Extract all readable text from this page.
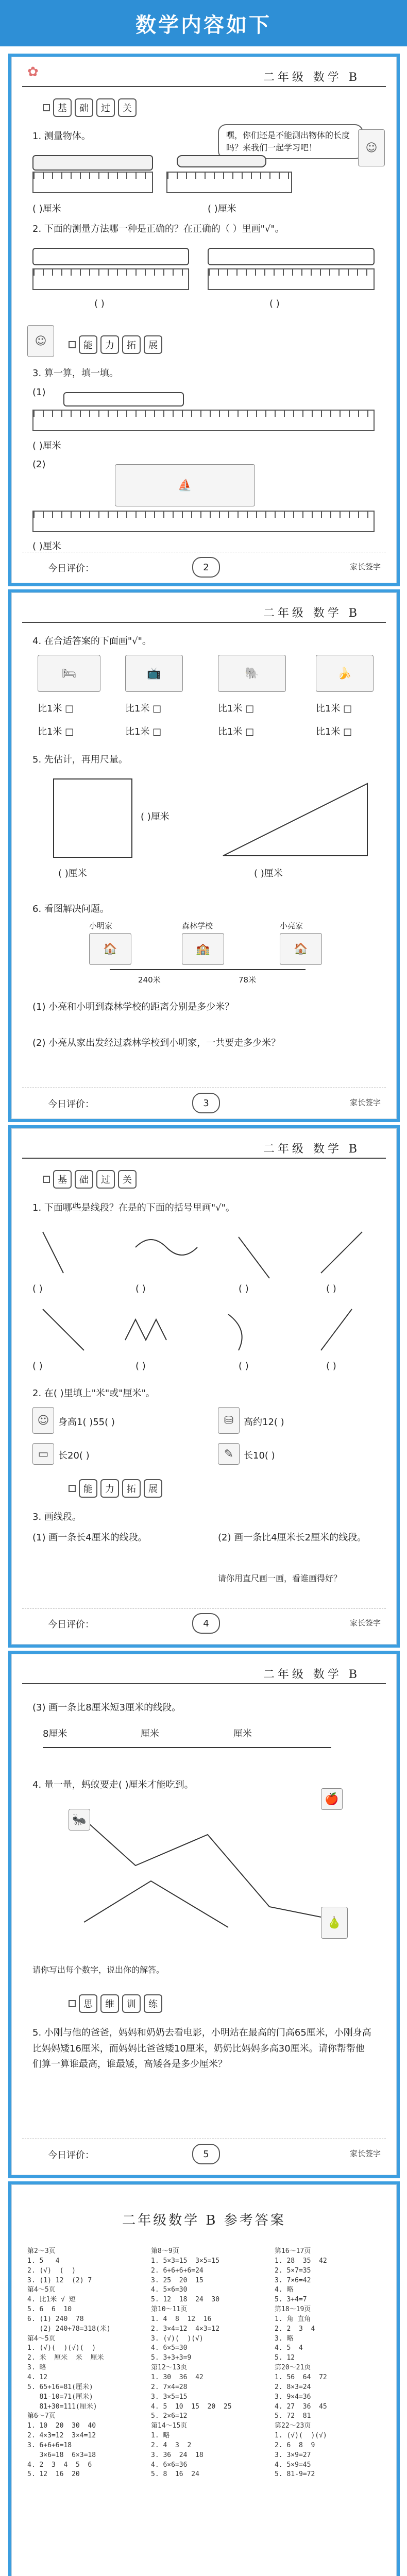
数学内容如下
二年级 数学 B
✿
基	础	过	关
1. 测量物体。	嘿，你们还是不能测出物体的长度吗？来我们一起学习吧！	☺
( )厘米	( )厘米
2. 下面的测量方法哪一种是正确的？在正确的（ ）里画"√"。
( )	( )
☺	能	力	拓	展
3. 算一算，填一填。
(1)
( )厘米
(2)
⛵
( )厘米
今日评价：	2	家长签字
二年级 数学 B
4. 在合适答案的下面画"√"。
🛏	📺	🐘	🍌
比1米 □	比1米 □	比1米 □	比1米 □
比1米 □	比1米 □	比1米 □	比1米 □
5. 先估计，再用尺量。
( )厘米
( )厘米	( )厘米
6. 看图解决问题。
🏠	🏫	🏠
小明家	森林学校	小亮家
240米	78米
(1) 小亮和小明到森林学校的距离分别是多少米？
(2) 小亮从家出发经过森林学校到小明家，一共要走多少米？
今日评价：	3	家长签字
二年级 数学 B
基	础	过	关
1. 下面哪些是线段？在是的下面的括号里画"√"。
( )	( )	( )	( )
( )	( )	( )	( )
2. 在( )里填上"米"或"厘米"。
☺ 身高1( )55( )	⛁	高约12( )
▭	长20( )	✎	长10( )
能	力	拓	展
3. 画线段。
(1) 画一条长4厘米的线段。	(2) 画一条比4厘米长2厘米的线段。
请你用直尺画一画，看谁画得好？
今日评价：	4	家长签字
二年级 数学 B
(3) 画一条比8厘米短3厘米的线段。
8厘米	厘米	厘米
4. 量一量，蚂蚁要走( )厘米才能吃到。
🐜
🍎
🍐
请你写出每个数字，说出你的解答。
思	维	训	练
5. 小刚与他的爸爸，妈妈和奶奶去看电影，小明站在最高的门高65厘米，小刚身高比妈妈矮16厘米，而妈妈比爸爸矮10厘米，奶奶比妈妈多高30厘米。请你帮帮他们算一算谁最高，谁最矮，高矮各是多少厘米？
今日评价：	5	家长签字
二年级数学 B 参考答案
第2～3页
1. 5   4
2. (√)  (  )
3. (1) 12  (2) 7
第4～5页
4. 比1米 √ 短
5. 6  6  10
6. (1) 240  78
(2) 240+78=318(米)
第4～5页
1. (√)(  )(√)(  )
2. 米  厘米  米  厘米
3. 略
4. 12
5. 65+16=81(厘米)
81-10=71(厘米)
81+30=111(厘米)
第6～7页
1. 10  20  30  40
2. 4×3=12  3×4=12
3. 6+6+6=18
3×6=18  6×3=18
4. 2  3  4  5  6
5. 12  16  20
第8～9页
1. 5×3=15  3×5=15
2. 6+6+6+6=24
3. 25  20  15
4. 5×6=30
5. 12  18  24  30
第10～11页
1. 4  8  12  16
2. 3×4=12  4×3=12
3. (√)(  )(√)
4. 6×5=30
5. 3+3+3=9
第12～13页
1. 30  36  42
2. 7×4=28
3. 3×5=15
4. 5  10  15  20  25
5. 2×6=12
第14～15页
1. 略
2. 4  3  2
3. 36  24  18
4. 6×6=36
5. 8  16  24
第16～17页
1. 28  35  42
2. 5×7=35
3. 7×6=42
4. 略
5. 3+4=7
第18～19页
1. 角 直角
2. 2  3  4
3. 略
4. 5  4
5. 12
第20～21页
1. 56  64  72
2. 8×3=24
3. 9×4=36
4. 27  36  45
5. 72  81
第22～23页
1. (√)(  )(√)
2. 6  8  9
3. 3×9=27
4. 5×9=45
5. 81-9=72
